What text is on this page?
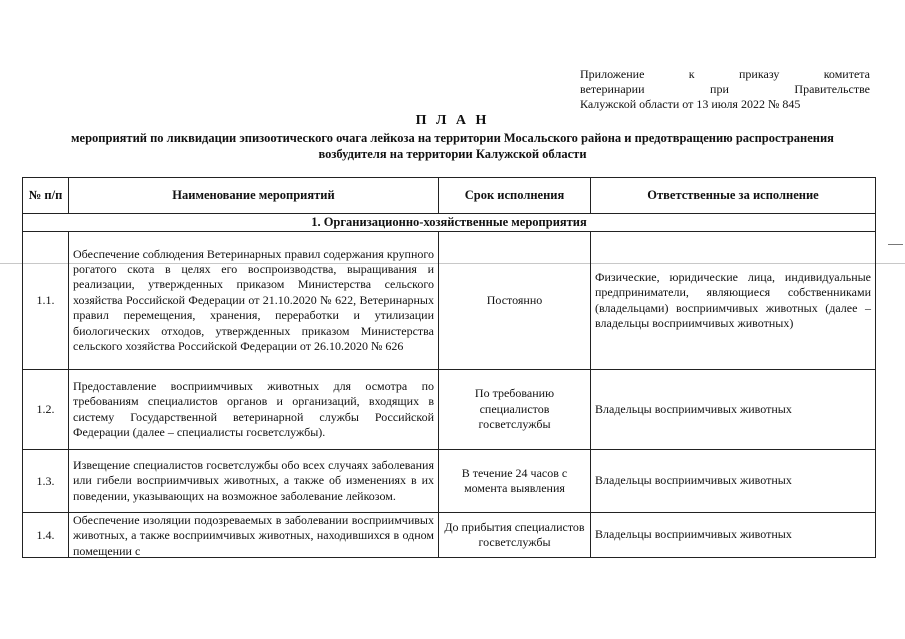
Приложение к приказу комитета
ветеринарии при Правительстве
Калужской области от 13 июля 2022 № 845
П Л А Н
мероприятий по ликвидации эпизоотического очага лейкоза на территории Мосальского района и предотвращению распространения возбудителя на территории Калужской области
№ п/п	Наименование мероприятий	Срок исполнения	Ответственные за исполнение
1. Организационно-хозяйственные мероприятия			
1.1.	Обеспечение соблюдения Ветеринарных правил содержания крупного рогатого скота в целях его воспроизводства, выращивания и реализации, утвержденных приказом Министерства сельского хозяйства Российской Федерации от 21.10.2020 № 622, Ветеринарных правил перемещения, хранения, переработки и утилизации биологических отходов, утвержденных приказом Министерства сельского хозяйства Российской Федерации от 26.10.2020 № 626	Постоянно	Физические, юридические лица, индивидуальные предприниматели, являющиеся собственниками (владельцами) восприимчивых животных (далее – владельцы восприимчивых животных)
1.2.	Предоставление восприимчивых животных для осмотра по требованиям специалистов органов и организаций, входящих в систему Государственной ветеринарной службы Российской Федерации (далее – специалисты госветслужбы).	По требованию специалистов госветслужбы	Владельцы восприимчивых животных
1.3.	Извещение специалистов госветслужбы обо всех случаях заболевания или гибели восприимчивых животных, а также об изменениях в их поведении, указывающих на возможное заболевание лейкозом.	В течение 24 часов с момента выявления	Владельцы восприимчивых животных
1.4.	Обеспечение изоляции подозреваемых в заболевании восприимчивых животных, а также восприимчивых животных, находившихся в одном помещении с	До прибытия специалистов госветслужбы	Владельцы восприимчивых животных
